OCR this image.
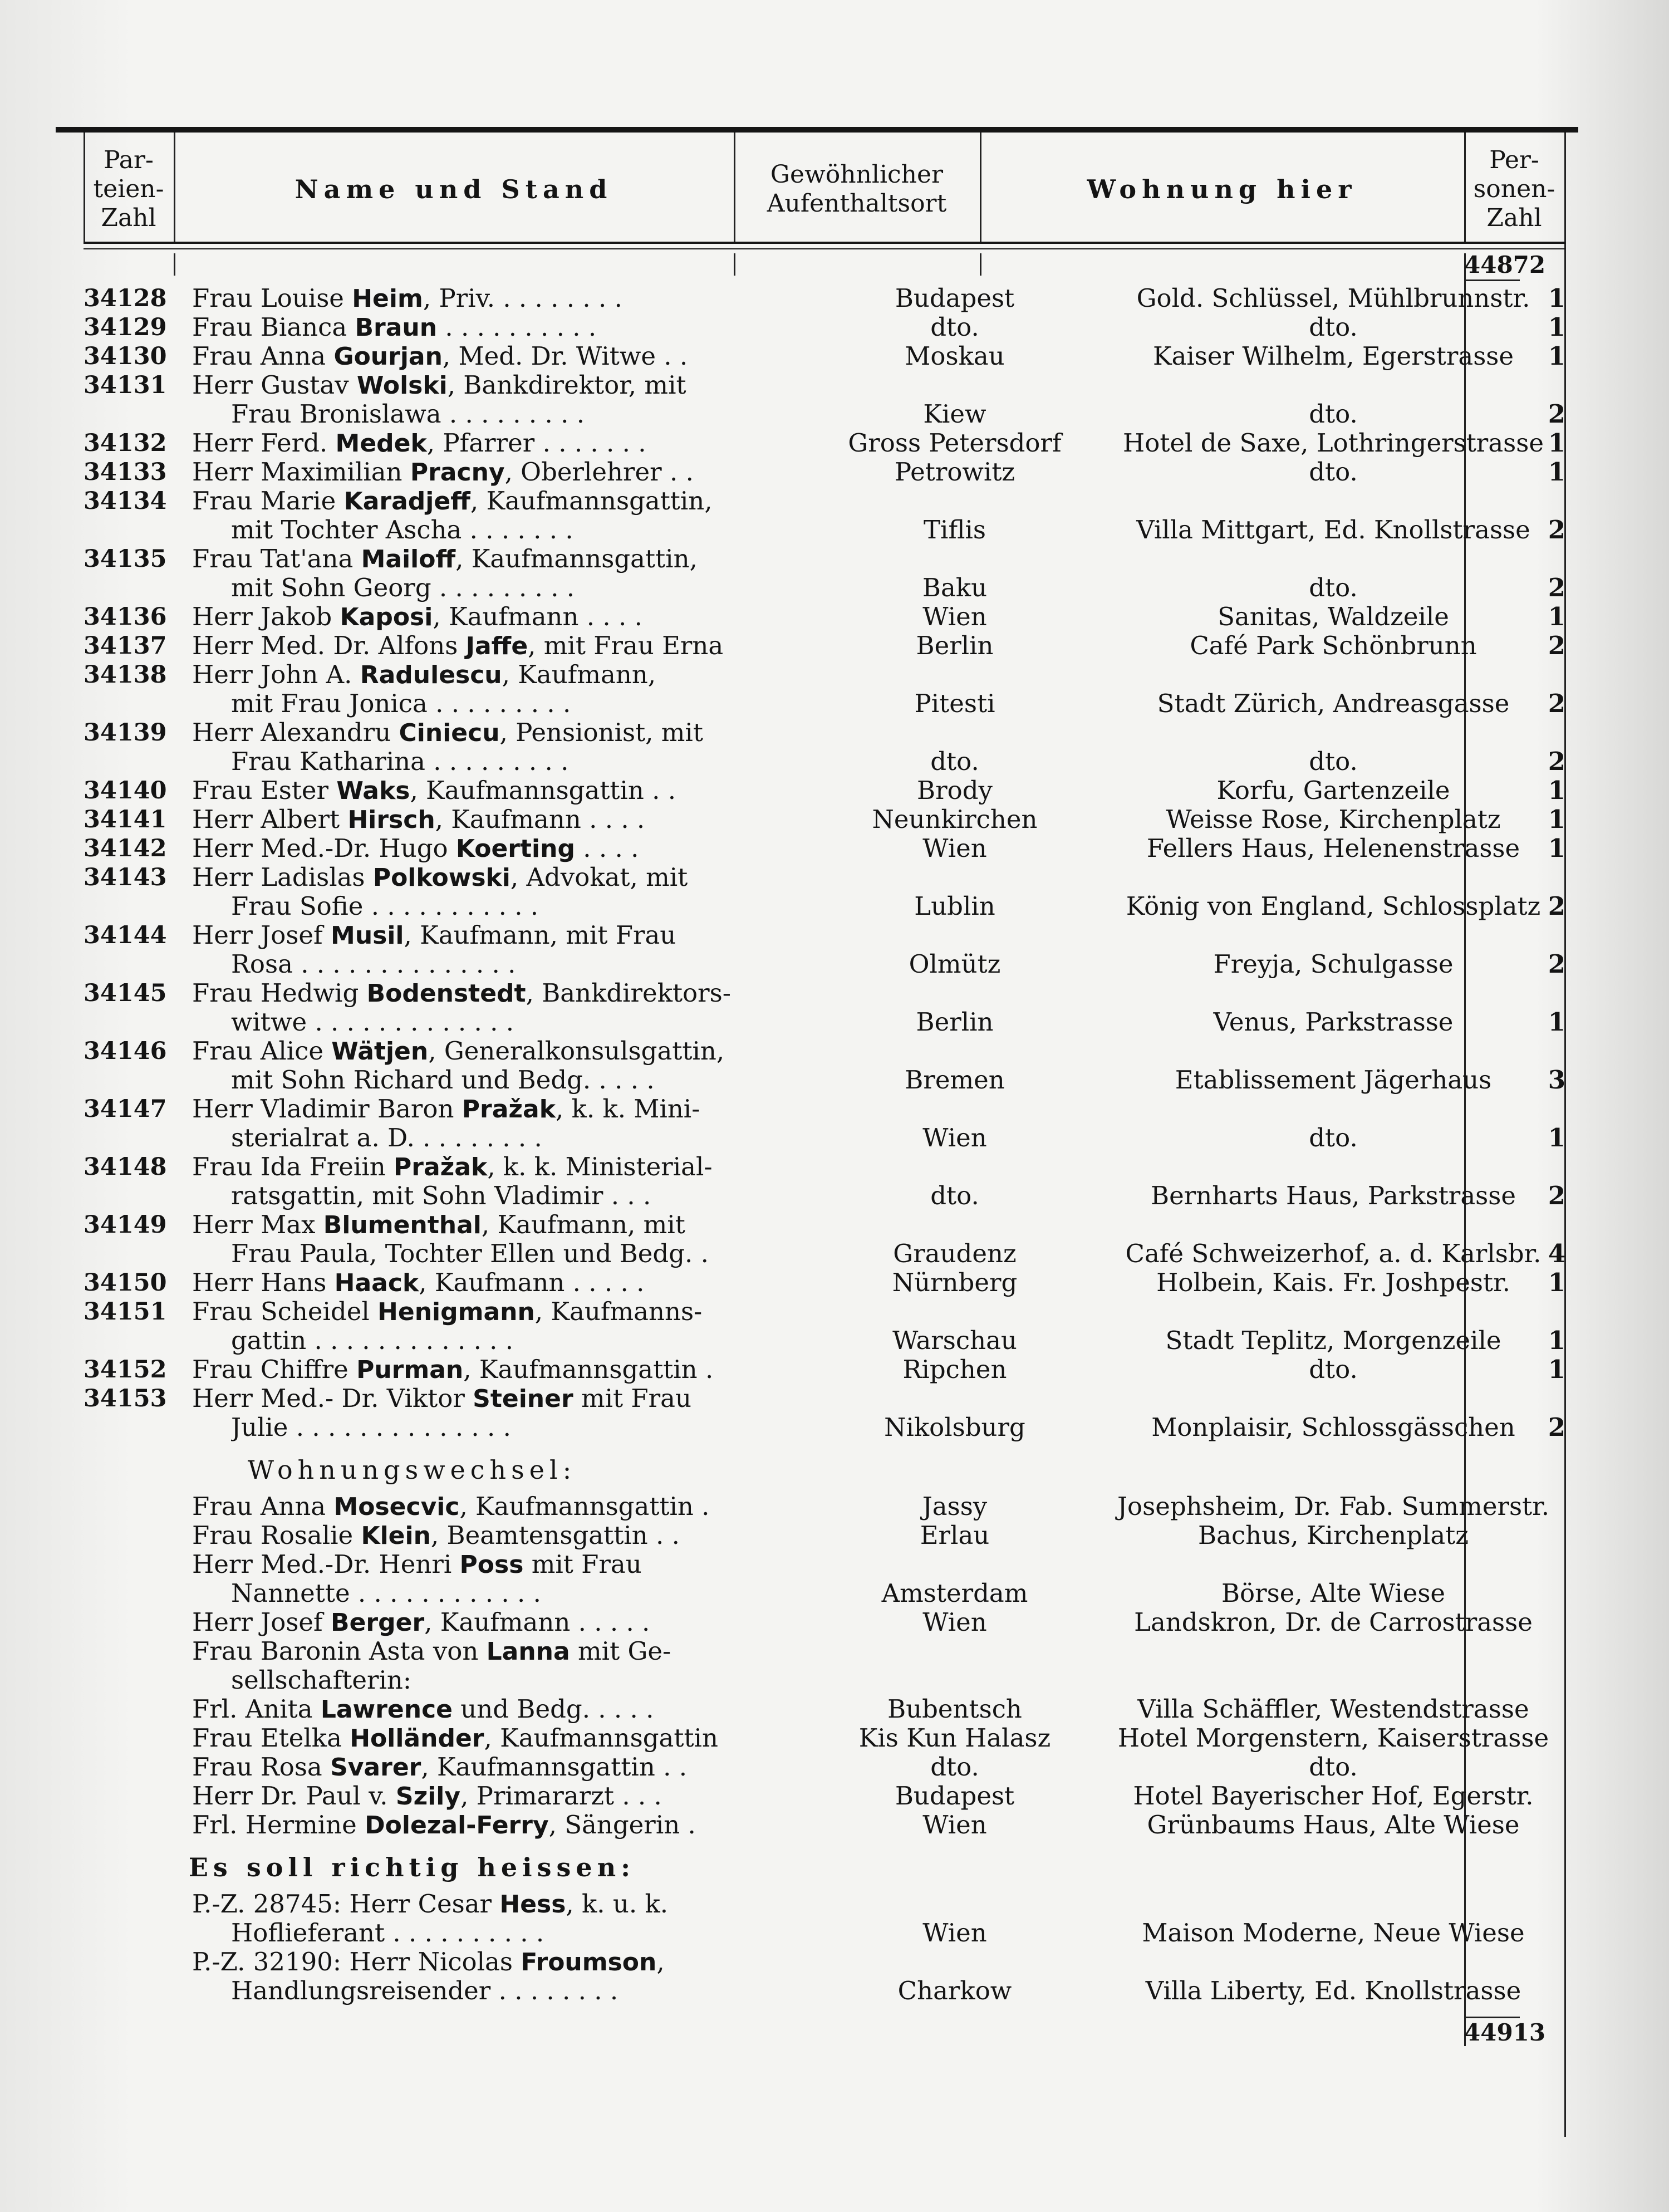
Par-
teien-
Zahl
Name und Stand	Gewöhnlicher
Aufenthaltsort	Wohnung hier
Per-
sonen-
Zahl
44872
34128 Frau Louise Heim, Priv. . . . . . . . .	Budapest	Gold. Schlüssel, Mühlbrunnstr. 1
34129 Frau Bianca Braun . . . . . . . . . .	dto.	dto.	1
34130 Frau Anna Gourjan, Med. Dr. Witwe . .	Moskau	Kaiser Wilhelm, Egerstrasse	1
34131 Herr Gustav Wolski, Bankdirektor, mit
Frau Bronislawa . . . . . . . . .	Kiew	dto.	2
34132 Herr Ferd. Medek, Pfarrer . . . . . . .	Gross Petersdorf	Hotel de Saxe, Lothringerstrasse 1
34133 Herr Maximilian Pracny, Oberlehrer . .	Petrowitz	dto.	1
34134 Frau Marie Karadjeff, Kaufmannsgattin,
mit Tochter Ascha . . . . . . .	Tiflis	Villa Mittgart, Ed. Knollstrasse 2
34135 Frau Tat'ana Mailoff, Kaufmannsgattin,
mit Sohn Georg . . . . . . . . .	Baku	dto.	2
34136 Herr Jakob Kaposi, Kaufmann . . . .	Wien	Sanitas, Waldzeile	1
34137 Herr Med. Dr. Alfons Jaffe, mit Frau Erna	Berlin	Café Park Schönbrunn	2
34138 Herr John A. Radulescu, Kaufmann,
mit Frau Jonica . . . . . . . . .	Pitesti	Stadt Zürich, Andreasgasse	2
34139 Herr Alexandru Ciniecu, Pensionist, mit
Frau Katharina . . . . . . . . .	dto.	dto.	2
34140 Frau Ester Waks, Kaufmannsgattin . .	Brody	Korfu, Gartenzeile	1
34141 Herr Albert Hirsch, Kaufmann . . . .	Neunkirchen	Weisse Rose, Kirchenplatz	1
34142 Herr Med.-Dr. Hugo Koerting . . . .	Wien	Fellers Haus, Helenenstrasse	1
34143 Herr Ladislas Polkowski, Advokat, mit
Frau Sofie . . . . . . . . . . .	Lublin	König von England, Schlossplatz 2
34144 Herr Josef Musil, Kaufmann, mit Frau
Rosa . . . . . . . . . . . . . .	Olmütz	Freyja, Schulgasse	2
34145 Frau Hedwig Bodenstedt, Bankdirektors-
witwe . . . . . . . . . . . . .	Berlin	Venus, Parkstrasse	1
34146 Frau Alice Wätjen, Generalkonsulsgattin,
mit Sohn Richard und Bedg. . . . .	Bremen	Etablissement Jägerhaus	3
34147 Herr Vladimir Baron Pražak, k. k. Mini-
sterialrat a. D. . . . . . . . .	Wien	dto.	1
34148 Frau Ida Freiin Pražak, k. k. Ministerial-
ratsgattin, mit Sohn Vladimir . . .	dto.	Bernharts Haus, Parkstrasse	2
34149 Herr Max Blumenthal, Kaufmann, mit
Frau Paula, Tochter Ellen und Bedg. .	Graudenz	Café Schweizerhof, a. d. Karlsbr. 4
34150 Herr Hans Haack, Kaufmann . . . . .	Nürnberg	Holbein, Kais. Fr. Joshpestr.	1
34151 Frau Scheidel Henigmann, Kaufmanns-
gattin . . . . . . . . . . . . .	Warschau	Stadt Teplitz, Morgenzeile	1
34152 Frau Chiffre Purman, Kaufmannsgattin .	Ripchen	dto.	1
34153 Herr Med.- Dr. Viktor Steiner mit Frau
Julie . . . . . . . . . . . . . .	Nikolsburg	Monplaisir, Schlossgässchen	2
Wohnungswechsel:
Frau Anna Mosecvic, Kaufmannsgattin .	Jassy	Josephsheim, Dr. Fab. Summerstr.
Frau Rosalie Klein, Beamtensgattin . .	Erlau	Bachus, Kirchenplatz
Herr Med.-Dr. Henri Poss mit Frau
Nannette . . . . . . . . . . . .	Amsterdam	Börse, Alte Wiese
Herr Josef Berger, Kaufmann . . . . .	Wien	Landskron, Dr. de Carrostrasse
Frau Baronin Asta von Lanna mit Ge-
sellschafterin:
Frl. Anita Lawrence und Bedg. . . . .	Bubentsch	Villa Schäffler, Westendstrasse
Frau Etelka Holländer, Kaufmannsgattin	Kis Kun Halasz	Hotel Morgenstern, Kaiserstrasse
Frau Rosa Svarer, Kaufmannsgattin . .	dto.	dto.
Herr Dr. Paul v. Szily, Primararzt . . .	Budapest	Hotel Bayerischer Hof, Egerstr.
Frl. Hermine Dolezal-Ferry, Sängerin .	Wien	Grünbaums Haus, Alte Wiese
Es soll richtig heissen:
P.-Z. 28745: Herr Cesar Hess, k. u. k.
Hoflieferant . . . . . . . . . .	Wien	Maison Moderne, Neue Wiese
P.-Z. 32190: Herr Nicolas Froumson,
Handlungsreisender . . . . . . . .	Charkow	Villa Liberty, Ed. Knollstrasse
44913
